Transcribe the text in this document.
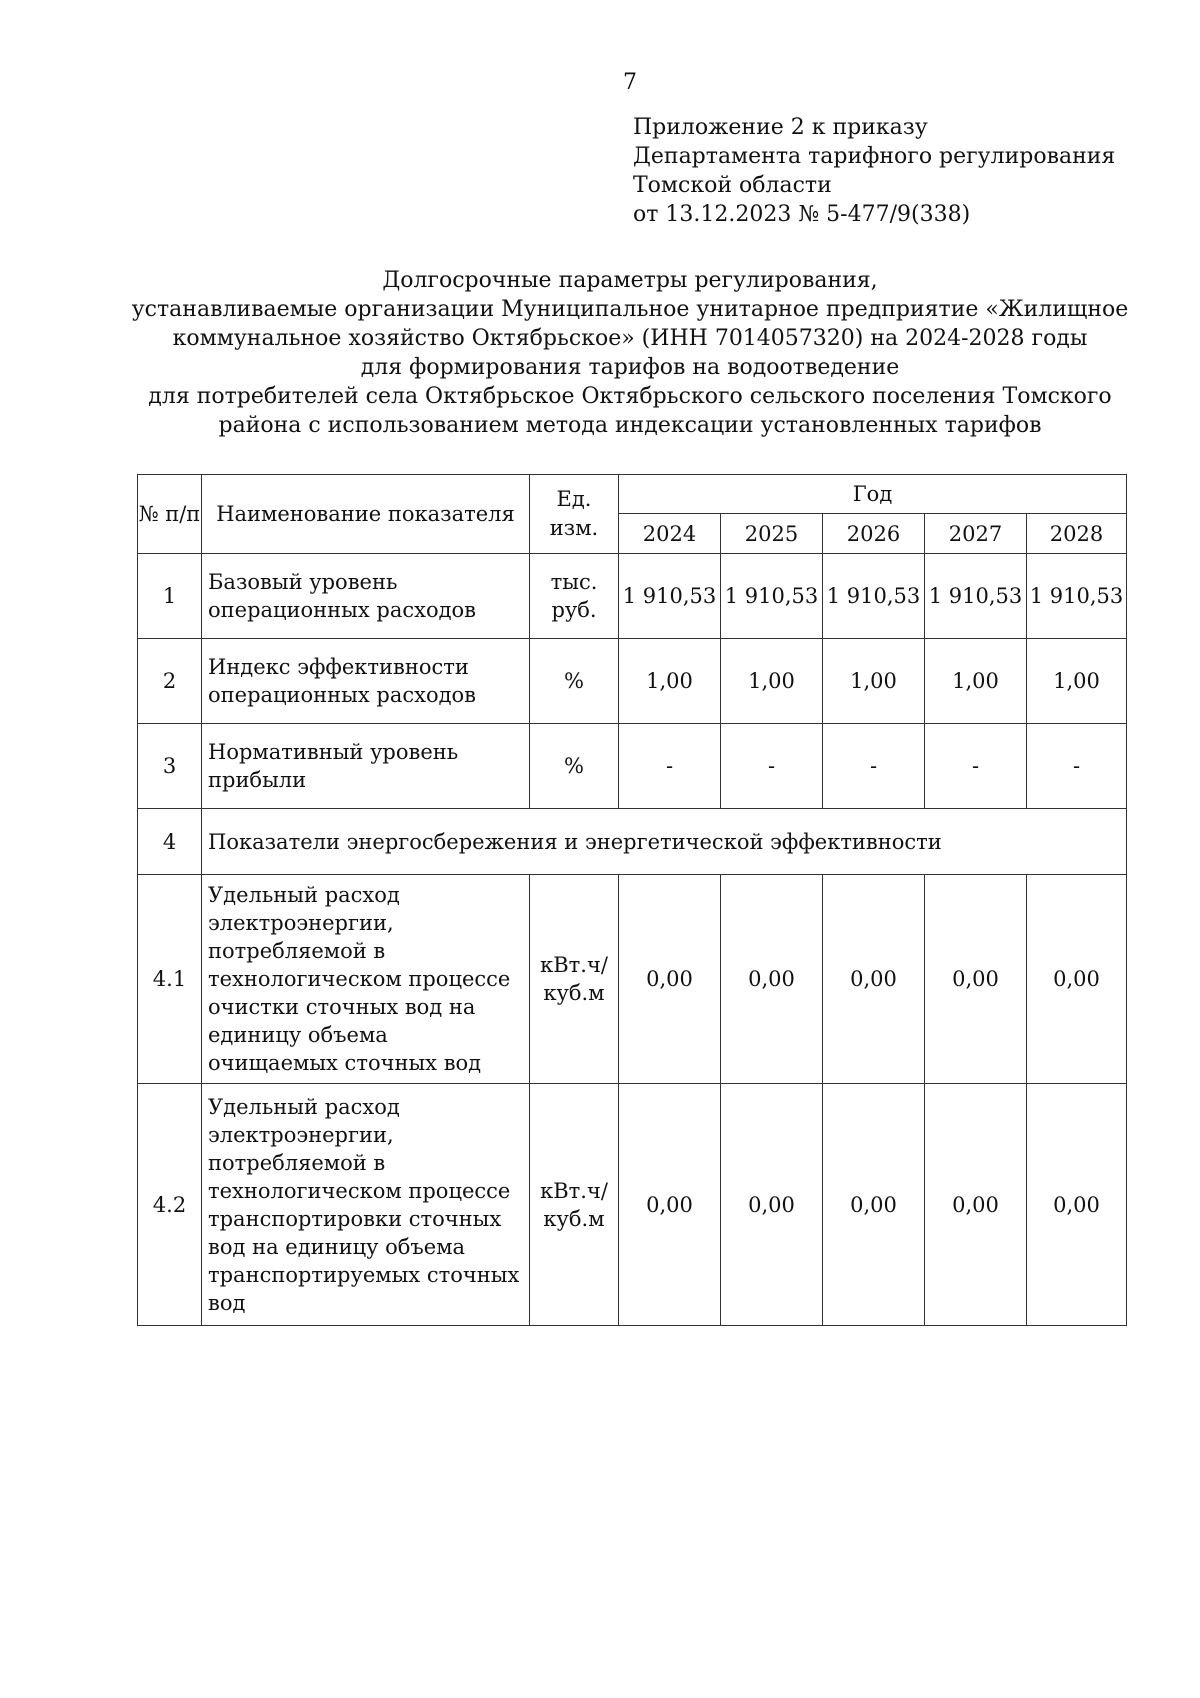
7
Приложение 2 к приказу
Департамента тарифного регулирования
Томской области
от 13.12.2023 № 5-477/9(338)
Долгосрочные параметры регулирования,
устанавливаемые организации Муниципальное унитарное предприятие «Жилищное
коммунальное хозяйство Октябрьское» (ИНН 7014057320) на 2024-2028 годы
для формирования тарифов на водоотведение
для потребителей села Октябрьское Октябрьского сельского поселения Томского
района с использованием метода индексации установленных тарифов
№ п/п	Наименование показателя	Ед. изм.	Год				
			2024	2025	2026	2027	2028
1	Базовый уровень операционных расходов	тыс. руб.	1 910,53	1 910,53	1 910,53	1 910,53	1 910,53
2	Индекс эффективности операционных расходов	%	1,00	1,00	1,00	1,00	1,00
3	Нормативный уровень прибыли	%	-	-	-	-	-
4	Показатели энергосбережения и энергетической эффективности						
4.1	Удельный расход электроэнергии, потребляемой в технологическом процессе очистки сточных вод на единицу объема очищаемых сточных вод	кВт.ч/ куб.м	0,00	0,00	0,00	0,00	0,00
4.2	Удельный расход электроэнергии, потребляемой в технологическом процессе транспортировки сточных вод на единицу объема транспортируемых сточных вод	кВт.ч/ куб.м	0,00	0,00	0,00	0,00	0,00
